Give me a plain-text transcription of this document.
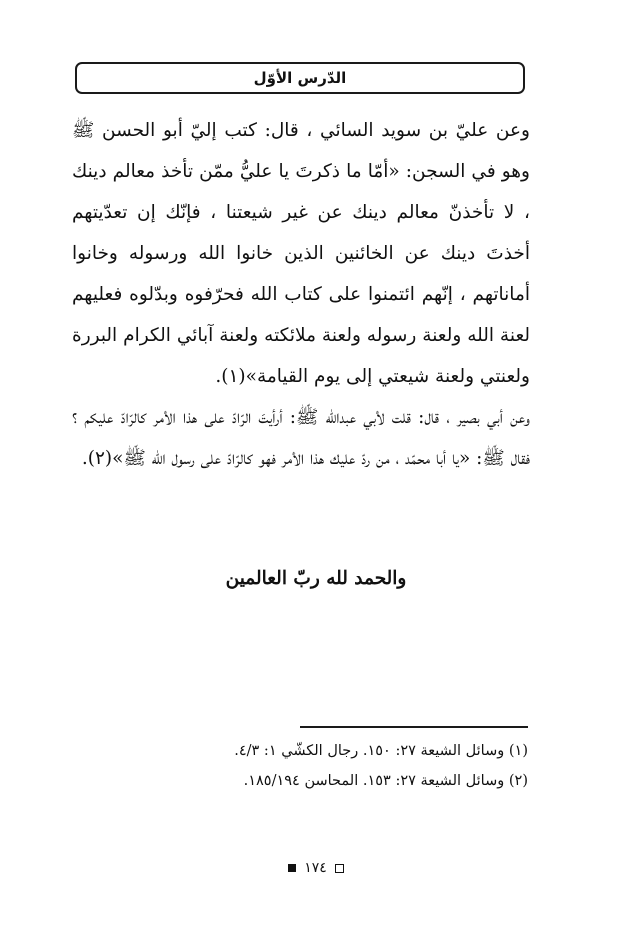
الدّرس الأوّل

وعن عليّ بن سويد السائي ، قال: كتب إليّ أبو الحسن ﷺ وهو في السجن: «أمّا ما ذكرتَ يا عليُّ ممّن تأخذ معالم دينك ، لا تأخذنّ معالم دينك عن غير شيعتنا ، فإنّك إن تعدّيتهم أخذتَ دينك عن الخائنين الذين خانوا الله ورسوله وخانوا أماناتهم ، إنّهم ائتمنوا على كتاب الله فحرّفوه وبدّلوه فعليهم لعنة الله ولعنة رسوله ولعنة ملائكته ولعنة آبائي الكرام البررة ولعنتي ولعنة شيعتي إلى يوم القيامة»(١).

وعن أبي بصير ، قال: قلت لأبي عبدالله ﷺ: أرأيتَ الرّادّ على هذا الأمر كالرّادّ عليكم ؟ فقال ﷺ: «يا أبا محمّد ، من ردّ عليك هذا الأمر فهو كالرّادّ على رسول الله ﷺ»(٢).

والحمد لله ربّ العالمين
(١) وسائل الشيعة ٢٧: ١٥٠. رجال الكشّي ١: ٤/٣.
(٢) وسائل الشيعة ٢٧: ١٥٣. المحاسن ١٨٥/١٩٤.
١٧٤
